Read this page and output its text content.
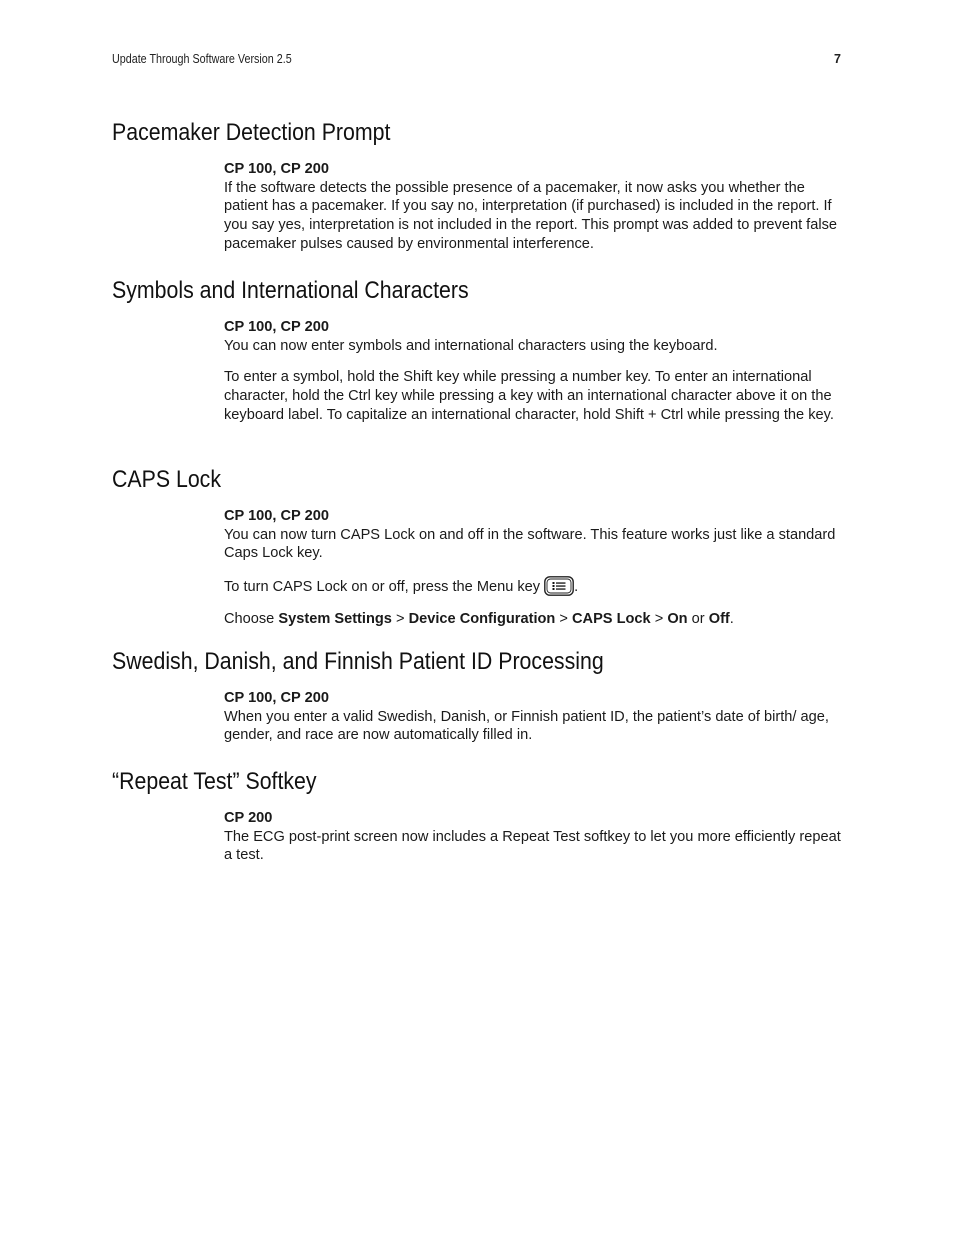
Update Through Software Version 2.5	7
Pacemaker Detection Prompt

CP 100, CP 200

If the software detects the possible presence of a pacemaker, it now asks you whether the patient has a pacemaker. If you say no, interpretation (if purchased) is included in the report. If you say yes, interpretation is not included in the report. This prompt was added to prevent false pacemaker pulses caused by environmental interference.

Symbols and International Characters

CP 100, CP 200

You can now enter symbols and international characters using the keyboard.

To enter a symbol, hold the Shift key while pressing a number key. To enter an international character, hold the Ctrl key while pressing a key with an international character above it on the keyboard label. To capitalize an international character, hold Shift + Ctrl while pressing the key.

CAPS Lock

CP 100, CP 200

You can now turn CAPS Lock on and off in the software. This feature works just like a standard Caps Lock key.

To turn CAPS Lock on or off, press the Menu key .

Choose System Settings > Device Configuration > CAPS Lock > On or Off.

Swedish, Danish, and Finnish Patient ID Processing

CP 100, CP 200

When you enter a valid Swedish, Danish, or Finnish patient ID, the patient’s date of birth/ age, gender, and race are now automatically filled in.

“Repeat Test” Softkey

CP 200

The ECG post-print screen now includes a Repeat Test softkey to let you more efficiently repeat a test.
